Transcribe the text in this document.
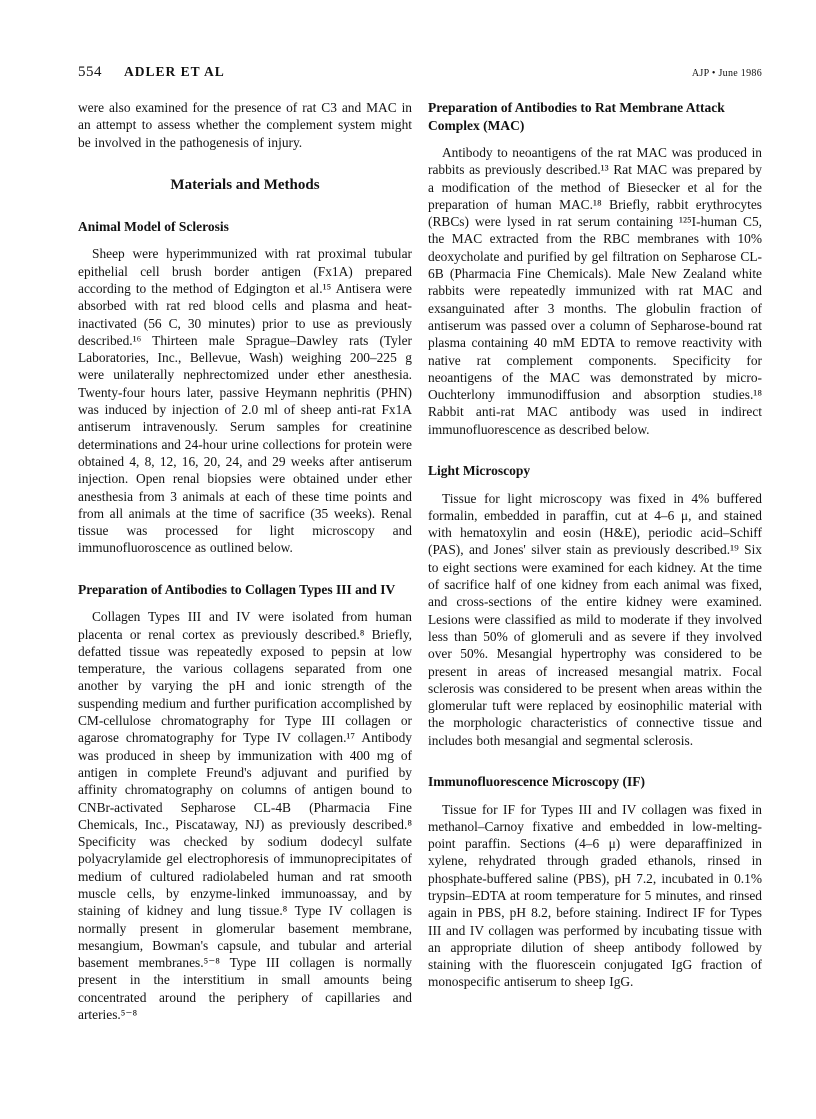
554 ADLER ET AL	AJP • June 1986

were also examined for the presence of rat C3 and MAC in an attempt to assess whether the complement system might be involved in the pathogenesis of injury.

Materials and Methods
Animal Model of Sclerosis

Sheep were hyperimmunized with rat proximal tubular epithelial cell brush border antigen (Fx1A) prepared according to the method of Edgington et al.¹⁵ Antisera were absorbed with rat red blood cells and plasma and heat-inactivated (56 C, 30 minutes) prior to use as previously described.¹⁶ Thirteen male Sprague–Dawley rats (Tyler Laboratories, Inc., Bellevue, Wash) weighing 200–225 g were unilaterally nephrectomized under ether anesthesia. Twenty-four hours later, passive Heymann nephritis (PHN) was induced by injection of 2.0 ml of sheep anti-rat Fx1A antiserum intravenously. Serum samples for creatinine determinations and 24-hour urine collections for protein were obtained 4, 8, 12, 16, 20, 24, and 29 weeks after antiserum injection. Open renal biopsies were obtained under ether anesthesia from 3 animals at each of these time points and from all animals at the time of sacrifice (35 weeks). Renal tissue was processed for light microscopy and immunofluoroscence as outlined below.

Preparation of Antibodies to Collagen Types III and IV

Collagen Types III and IV were isolated from human placenta or renal cortex as previously described.⁸ Briefly, defatted tissue was repeatedly exposed to pepsin at low temperature, the various collagens separated from one another by varying the pH and ionic strength of the suspending medium and further purification accomplished by CM-cellulose chromatography for Type III collagen or agarose chromatography for Type IV collagen.¹⁷ Antibody was produced in sheep by immunization with 400 mg of antigen in complete Freund's adjuvant and purified by affinity chromatography on columns of antigen bound to CNBr-activated Sepharose CL-4B (Pharmacia Fine Chemicals, Inc., Piscataway, NJ) as previously described.⁸ Specificity was checked by sodium dodecyl sulfate polyacrylamide gel electrophoresis of immunoprecipitates of medium of cultured radiolabeled human and rat smooth muscle cells, by enzyme-linked immunoassay, and by staining of kidney and lung tissue.⁸ Type IV collagen is normally present in glomerular basement membrane, mesangium, Bowman's capsule, and tubular and arterial basement membranes.⁵⁻⁸ Type III collagen is normally present in the interstitium in small amounts being concentrated around the periphery of capillaries and arteries.⁵⁻⁸

Preparation of Antibodies to Rat Membrane Attack Complex (MAC)

Antibody to neoantigens of the rat MAC was produced in rabbits as previously described.¹³ Rat MAC was prepared by a modification of the method of Biesecker et al for the preparation of human MAC.¹⁸ Briefly, rabbit erythrocytes (RBCs) were lysed in rat serum containing ¹²⁵I-human C5, the MAC extracted from the RBC membranes with 10% deoxycholate and purified by gel filtration on Sepharose CL-6B (Pharmacia Fine Chemicals). Male New Zealand white rabbits were repeatedly immunized with rat MAC and exsanguinated after 3 months. The globulin fraction of antiserum was passed over a column of Sepharose-bound rat plasma containing 40 mM EDTA to remove reactivity with native rat complement components. Specificity for neoantigens of the MAC was demonstrated by micro-Ouchterlony immunodiffusion and absorption studies.¹⁸ Rabbit anti-rat MAC antibody was used in indirect immunofluorescence as described below.

Light Microscopy

Tissue for light microscopy was fixed in 4% buffered formalin, embedded in paraffin, cut at 4–6 μ, and stained with hematoxylin and eosin (H&E), periodic acid–Schiff (PAS), and Jones' silver stain as previously described.¹⁹ Six to eight sections were examined for each kidney. At the time of sacrifice half of one kidney from each animal was fixed, and cross-sections of the entire kidney were examined. Lesions were classified as mild to moderate if they involved less than 50% of glomeruli and as severe if they involved over 50%. Mesangial hypertrophy was considered to be present in areas of increased mesangial matrix. Focal sclerosis was considered to be present when areas within the glomerular tuft were replaced by eosinophilic material with the morphologic characteristics of connective tissue and includes both mesangial and segmental sclerosis.

Immunofluorescence Microscopy (IF)

Tissue for IF for Types III and IV collagen was fixed in methanol–Carnoy fixative and embedded in low-melting-point paraffin. Sections (4–6 μ) were deparaffinized in xylene, rehydrated through graded ethanols, rinsed in phosphate-buffered saline (PBS), pH 7.2, incubated in 0.1% trypsin–EDTA at room temperature for 5 minutes, and rinsed again in PBS, pH 8.2, before staining. Indirect IF for Types III and IV collagen was performed by incubating tissue with an appropriate dilution of sheep antibody followed by staining with the fluorescein conjugated IgG fraction of monospecific antiserum to sheep IgG.
